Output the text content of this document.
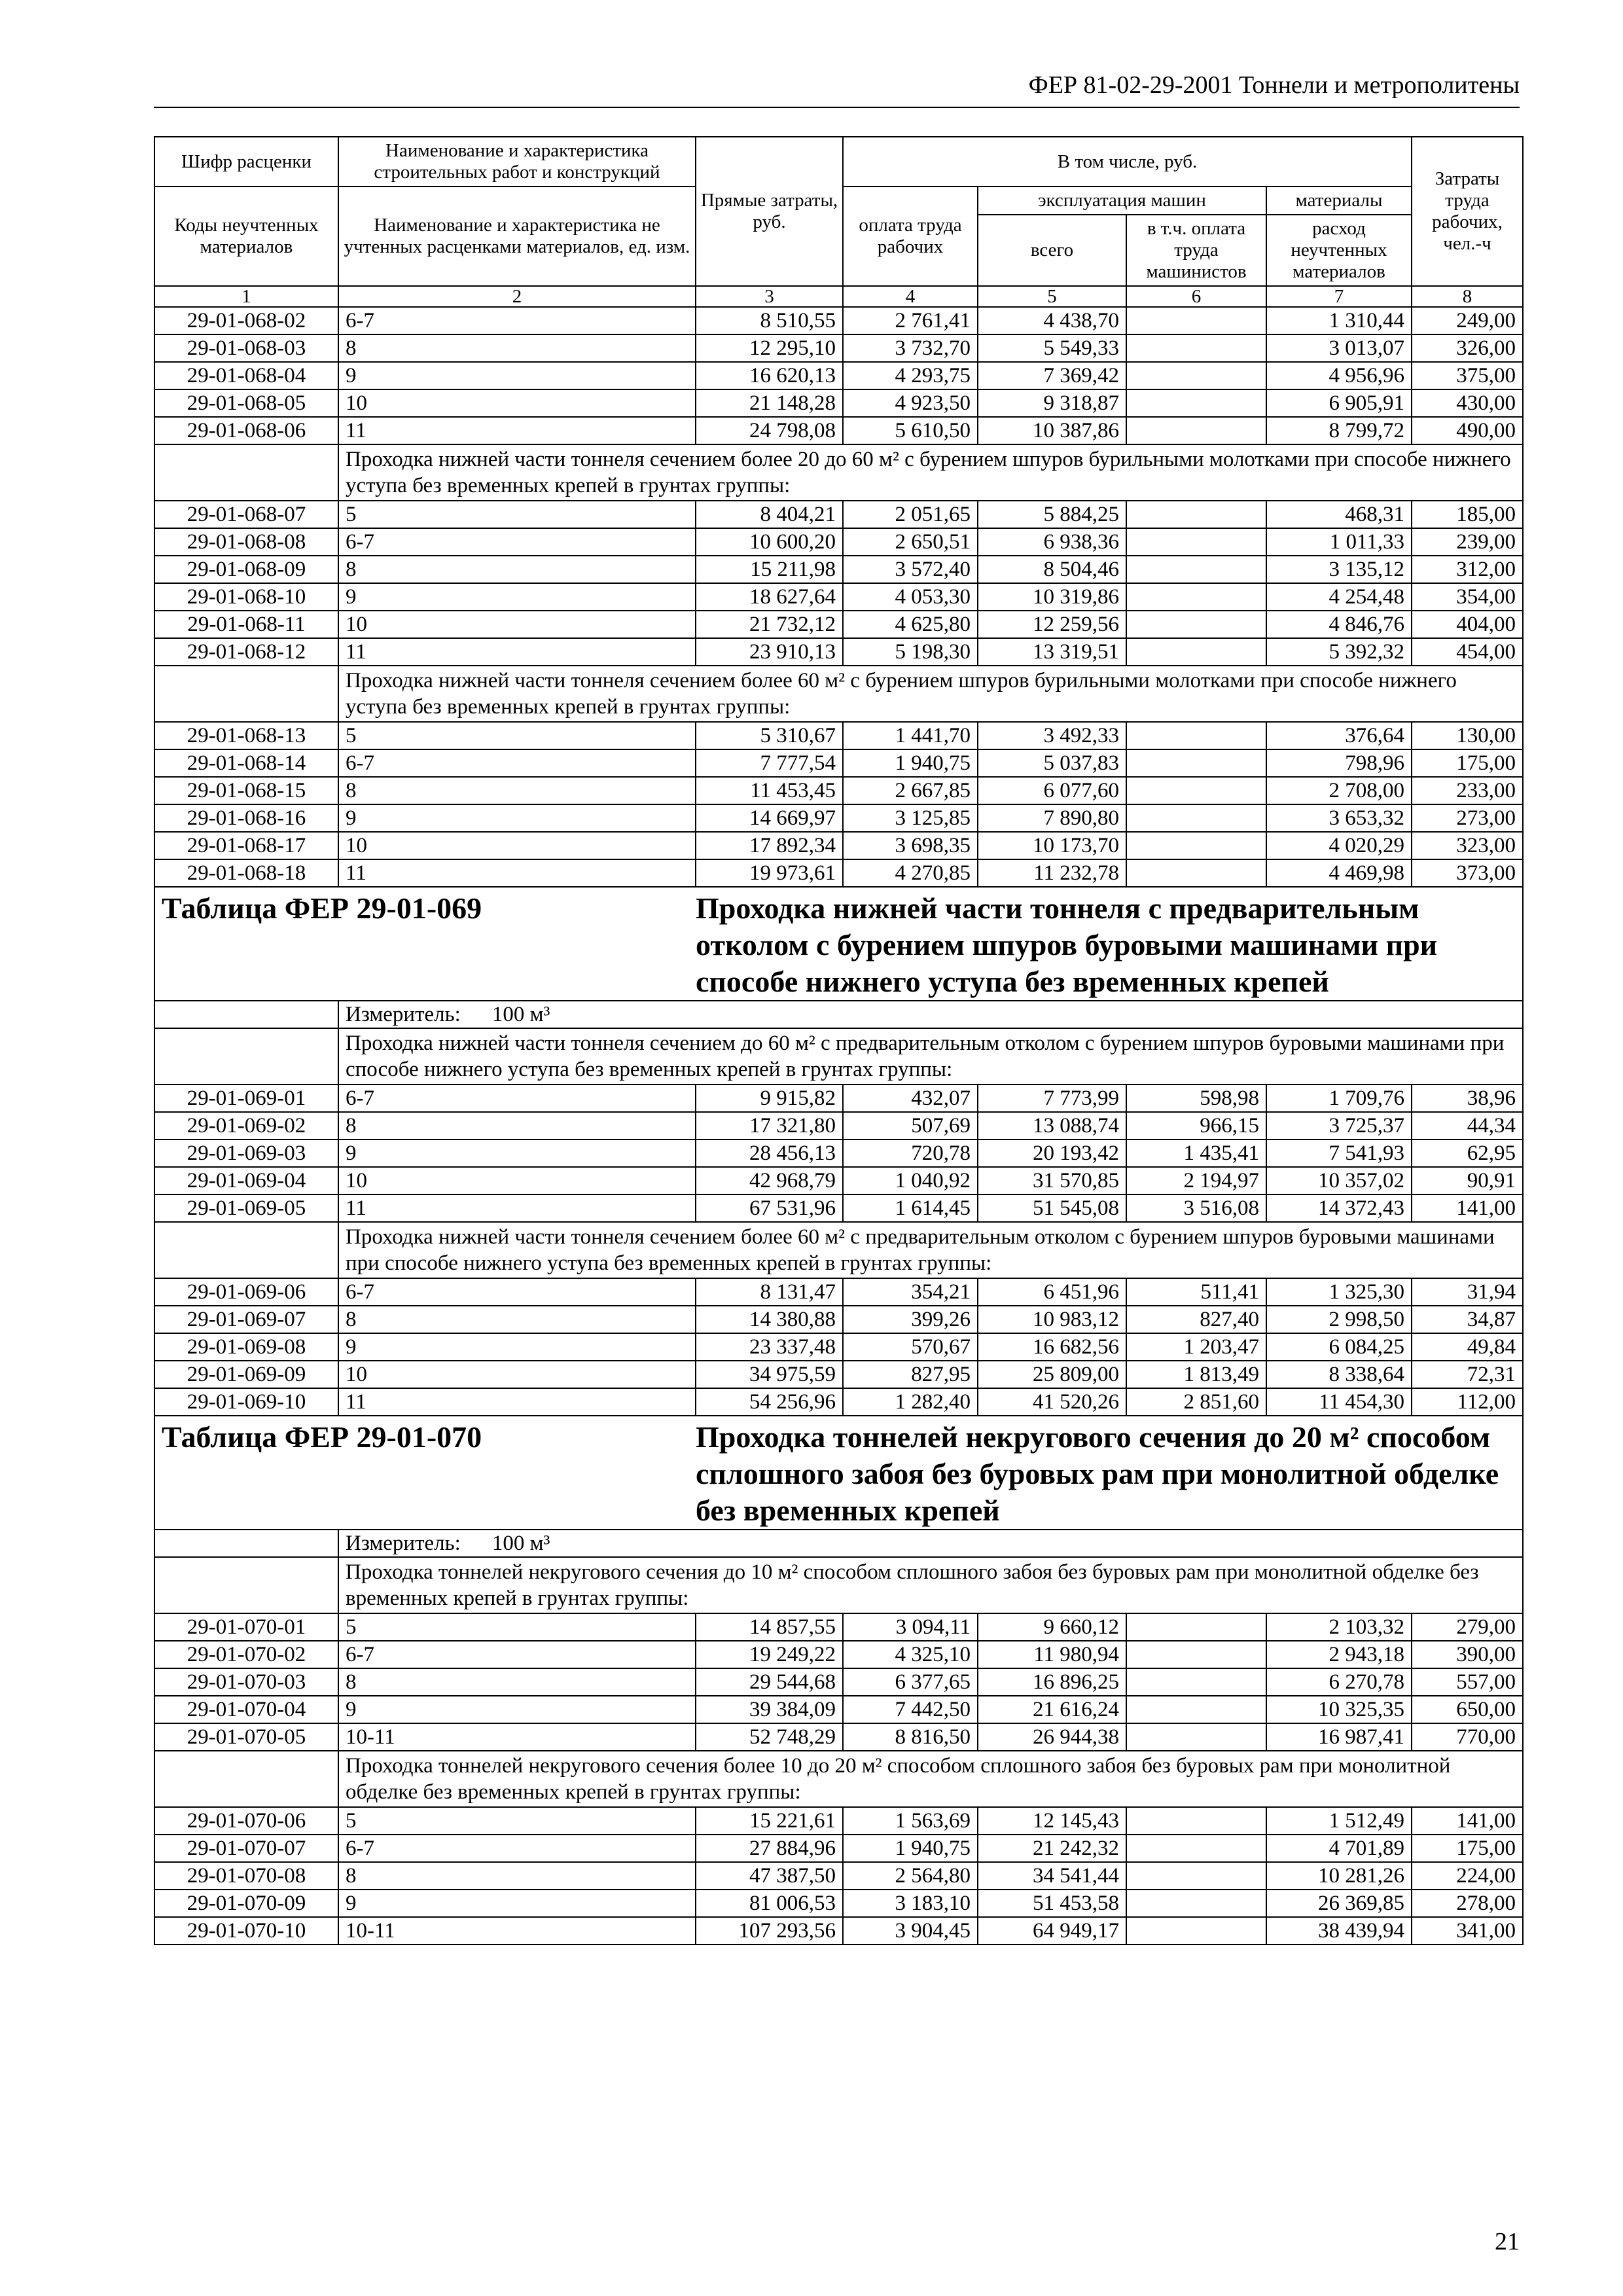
ФЕР 81-02-29-2001 Тоннели и метрополитены
Шифр расценки	Наименование и характеристика строительных работ и конструкций	Прямые затраты, руб.	В том числе, руб.				Затраты труда рабочих, чел.-ч
Коды неучтенных материалов	Наименование и характеристика не учтенных расценками материалов, ед. изм.						
			оплата труда рабочих	эксплуатация машин		материалы	
				всего	в т.ч. оплата труда машинистов	расход неучтенных материалов	
1	2	3	4	5	6	7	8
29-01-068-02	6-7	8 510,55	2 761,41	4 438,70		1 310,44	249,00
29-01-068-03	8	12 295,10	3 732,70	5 549,33		3 013,07	326,00
29-01-068-04	9	16 620,13	4 293,75	7 369,42		4 956,96	375,00
29-01-068-05	10	21 148,28	4 923,50	9 318,87		6 905,91	430,00
29-01-068-06	11	24 798,08	5 610,50	10 387,86		8 799,72	490,00
	Проходка нижней части тоннеля сечением более 20 до 60 м² с бурением шпуров бурильными молотками при способе нижнего уступа без временных крепей в грунтах группы:						
29-01-068-07	5	8 404,21	2 051,65	5 884,25		468,31	185,00
29-01-068-08	6-7	10 600,20	2 650,51	6 938,36		1 011,33	239,00
29-01-068-09	8	15 211,98	3 572,40	8 504,46		3 135,12	312,00
29-01-068-10	9	18 627,64	4 053,30	10 319,86		4 254,48	354,00
29-01-068-11	10	21 732,12	4 625,80	12 259,56		4 846,76	404,00
29-01-068-12	11	23 910,13	5 198,30	13 319,51		5 392,32	454,00
	Проходка нижней части тоннеля сечением более 60 м² с бурением шпуров бурильными молотками при способе нижнего уступа без временных крепей в грунтах группы:						
29-01-068-13	5	5 310,67	1 441,70	3 492,33		376,64	130,00
29-01-068-14	6-7	7 777,54	1 940,75	5 037,83		798,96	175,00
29-01-068-15	8	11 453,45	2 667,85	6 077,60		2 708,00	233,00
29-01-068-16	9	14 669,97	3 125,85	7 890,80		3 653,32	273,00
29-01-068-17	10	17 892,34	3 698,35	10 173,70		4 020,29	323,00
29-01-068-18	11	19 973,61	4 270,85	11 232,78		4 469,98	373,00
Таблица ФЕР 29-01-069		Проходка нижней части тоннеля с предварительным отколом с бурением шпуров буровыми машинами при способе нижнего уступа без временных крепей					
	Измеритель: 100 м³						
	Проходка нижней части тоннеля сечением до 60 м² с предварительным отколом с бурением шпуров буровыми машинами при способе нижнего уступа без временных крепей в грунтах группы:						
29-01-069-01	6-7	9 915,82	432,07	7 773,99	598,98	1 709,76	38,96
29-01-069-02	8	17 321,80	507,69	13 088,74	966,15	3 725,37	44,34
29-01-069-03	9	28 456,13	720,78	20 193,42	1 435,41	7 541,93	62,95
29-01-069-04	10	42 968,79	1 040,92	31 570,85	2 194,97	10 357,02	90,91
29-01-069-05	11	67 531,96	1 614,45	51 545,08	3 516,08	14 372,43	141,00
	Проходка нижней части тоннеля сечением более 60 м² с предварительным отколом с бурением шпуров буровыми машинами при способе нижнего уступа без временных крепей в грунтах группы:						
29-01-069-06	6-7	8 131,47	354,21	6 451,96	511,41	1 325,30	31,94
29-01-069-07	8	14 380,88	399,26	10 983,12	827,40	2 998,50	34,87
29-01-069-08	9	23 337,48	570,67	16 682,56	1 203,47	6 084,25	49,84
29-01-069-09	10	34 975,59	827,95	25 809,00	1 813,49	8 338,64	72,31
29-01-069-10	11	54 256,96	1 282,40	41 520,26	2 851,60	11 454,30	112,00
Таблица ФЕР 29-01-070		Проходка тоннелей некругового сечения до 20 м² способом сплошного забоя без буровых рам при монолитной обделке без временных крепей					
	Измеритель: 100 м³						
	Проходка тоннелей некругового сечения до 10 м² способом сплошного забоя без буровых рам при монолитной обделке без временных крепей в грунтах группы:						
29-01-070-01	5	14 857,55	3 094,11	9 660,12		2 103,32	279,00
29-01-070-02	6-7	19 249,22	4 325,10	11 980,94		2 943,18	390,00
29-01-070-03	8	29 544,68	6 377,65	16 896,25		6 270,78	557,00
29-01-070-04	9	39 384,09	7 442,50	21 616,24		10 325,35	650,00
29-01-070-05	10-11	52 748,29	8 816,50	26 944,38		16 987,41	770,00
	Проходка тоннелей некругового сечения более 10 до 20 м² способом сплошного забоя без буровых рам при монолитной обделке без временных крепей в грунтах группы:						
29-01-070-06	5	15 221,61	1 563,69	12 145,43		1 512,49	141,00
29-01-070-07	6-7	27 884,96	1 940,75	21 242,32		4 701,89	175,00
29-01-070-08	8	47 387,50	2 564,80	34 541,44		10 281,26	224,00
29-01-070-09	9	81 006,53	3 183,10	51 453,58		26 369,85	278,00
29-01-070-10	10-11	107 293,56	3 904,45	64 949,17		38 439,94	341,00
21
